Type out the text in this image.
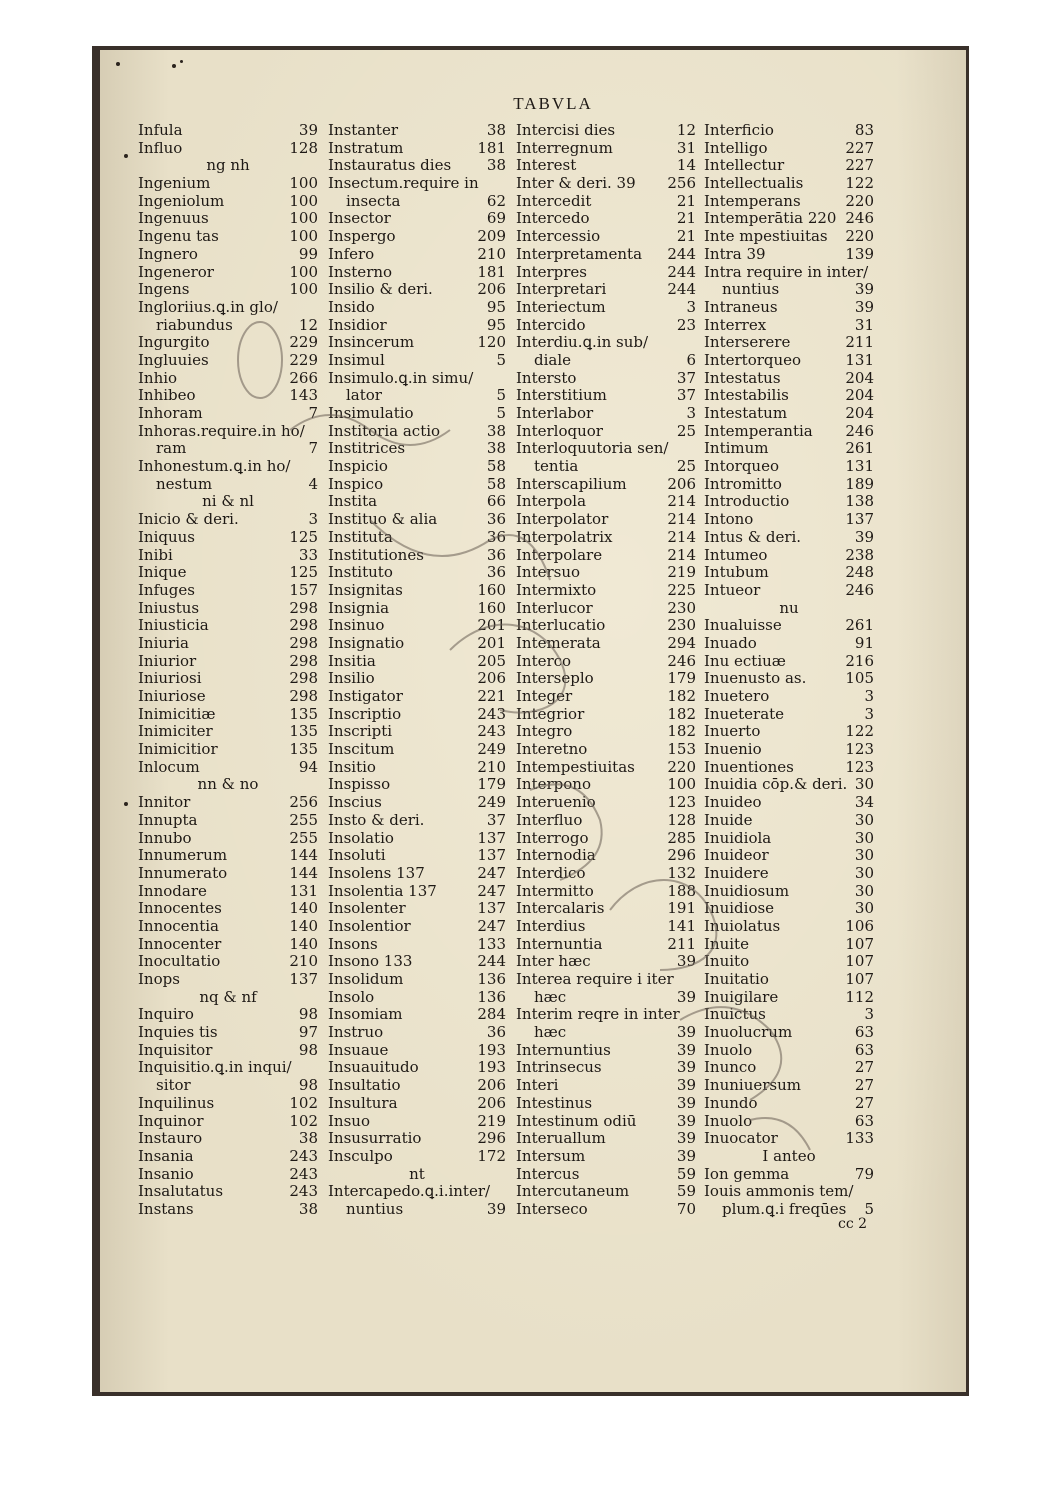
TABVLA
Infula	39
Influo	128
ng nh
Ingenium	100
Ingeniolum	100
Ingenuus	100
Ingenu tas	100
Ingnero	99
Ingeneror	100
Ingens	100
Ingloriius.ꝗ.in glo/
riabundus	12
Ingurgito	229
Ingluuies	229
Inhio	266
Inhibeo	143
Inhoram	7
Inhoras.require.in ho/
ram	7
Inhonestum.ꝗ.in ho/
nestum	4
ni & nl
Inicio & deri.	3
Iniquus	125
Inibi	33
Inique	125
Infuges	157
Iniustus	298
Iniusticia	298
Iniuria	298
Iniurior	298
Iniuriosi	298
Iniuriose	298
Inimicitiæ	135
Inimiciter	135
Inimicitior	135
Inlocum	94
nn & no
Innitor	256
Innupta	255
Innubo	255
Innumerum	144
Innumerato	144
Innodare	131
Innocentes	140
Innocentia	140
Innocenter	140
Inocultatio	210
Inops	137
nq & nf
Inquiro	98
Inquies tis	97
Inquisitor	98
Inquisitio.ꝗ.in inqui/
sitor	98
Inquilinus	102
Inquinor	102
Instauro	38
Insania	243
Insanio	243
Insalutatus	243
Instans	38
Instanter	38
Instratum	181
Instauratus dies 38
Insectum.require in
insecta	62
Insector	69
Inspergo	209
Infero	210
Insterno	181
Insilio & deri.	206
Insido	95
Insidior	95
Insincerum	120
Insimul	5
Insimulo.ꝗ.in simu/
lator	5
Insimulatio	5
Institoria actio	38
Institrices	38
Inspicio	58
Inspico	58
Instita	66
Instituo & alia	36
Institutа	36
Institutiones	36
Instituto	36
Insignitas	160
Insignia	160
Insinuo	201
Insignatio	201
Insitia	205
Insilio	206
Instigator	221
Inscriptio	243
Inscripti	243
Inscitum	249
Insitio	210
Inspisso	179
Inscius	249
Insto & deri.	37
Insolatio	137
Insoluti	137
Insolens 137	247
Insolentia 137	247
Insolenter	137
Insolentior	247
Insons	133
Insono 133	244
Insolidum	136
Insolo	136
Insomiam	284
Instruo	36
Insuaue	193
Insuauitudo	193
Insultatio	206
Insultura	206
Insuo	219
Insusurratio	296
Insculpo	172
nt
Intercapedo.ꝗ.i.inter/
nuntius	39
Intercisi dies	12
Interregnum	31
Interest	14
Inter & deri. 39 256
Intercedit	21
Intercedo	21
Intercessio	21
Interpretamenta 244
Interpres	244
Interpretari	244
Interiectum	3
Intercido	23
Interdiu.ꝗ.in sub/
diale	6
Intersto	37
Interstitium	37
Interlabor	3
Interloquor	25
Interloquutoria sen/
tentia	25
Interscapilium	206
Interpola	214
Interpolator	214
Interpolatrix	214
Interpolare	214
Intersuo	219
Intermixto	225
Interlucor	230
Interlucatio	230
Intemerata	294
Interco	246
Interseplo	179
Integer	182
Integrior	182
Integro	182
Interetno	153
Intempestiuitas 220
Interpono	100
Interuenio	123
Interfluo	128
Interrogo	285
Internodia	296
Interdico	132
Intermitto	188
Intercalaris	191
Interdius	141
Internuntia	211
Inter hæc	39
Interea require i iter
hæc	39
Interim reqre in inter
hæc	39
Internuntius	39
Intrinsecus	39
Interi	39
Intestinus	39
Intestinum odiū	39
Interuallum	39
Intersum	39
Intercus	59
Intercutaneum	59
Interseco	70
Interficio	83
Intelligo	227
Intellectur	227
Intellectualis	122
Intemperans	220
Intemperātia 220 246
Inte mpestiuitas 220
Intra 39	139
Intra require in inter/
nuntius	39
Intraneus	39
Interrex	31
Interserere	211
Intertorqueo	131
Intestatus	204
Intestabilis	204
Intestatum	204
Intemperantia 246
Intimum	261
Intorqueo	131
Intromitto	189
Introductio	138
Intono	137
Intus & deri.	39
Intumeo	238
Intubum	248
Intueor	246
nu
Inualuisse	261
Inuado	91
Inu ectiuæ	216
Inuenusto as.	105
Inuetero	3
Inueterate	3
Inuerto	122
Inuenio	123
Inuentiones	123
Inuidia cōp.& deri. 30
Inuideo	34
Inuide	30
Inuidiola	30
Inuideor	30
Inuidere	30
Inuidiosum	30
Inuidiose	30
Inuiolatus	106
Inuite	107
Inuito	107
Inuitatio	107
Inuigilare	112
Inuictus	3
Inuolucrum	63
Inuolo	63
Inunco	27
Inuniuersum	27
Inundo	27
Inuolo	63
Inuocator	133
I anteo
Ion gemma	79
Iouis ammonis tem/
plum.ꝗ.i freqūes 5
cc 2
